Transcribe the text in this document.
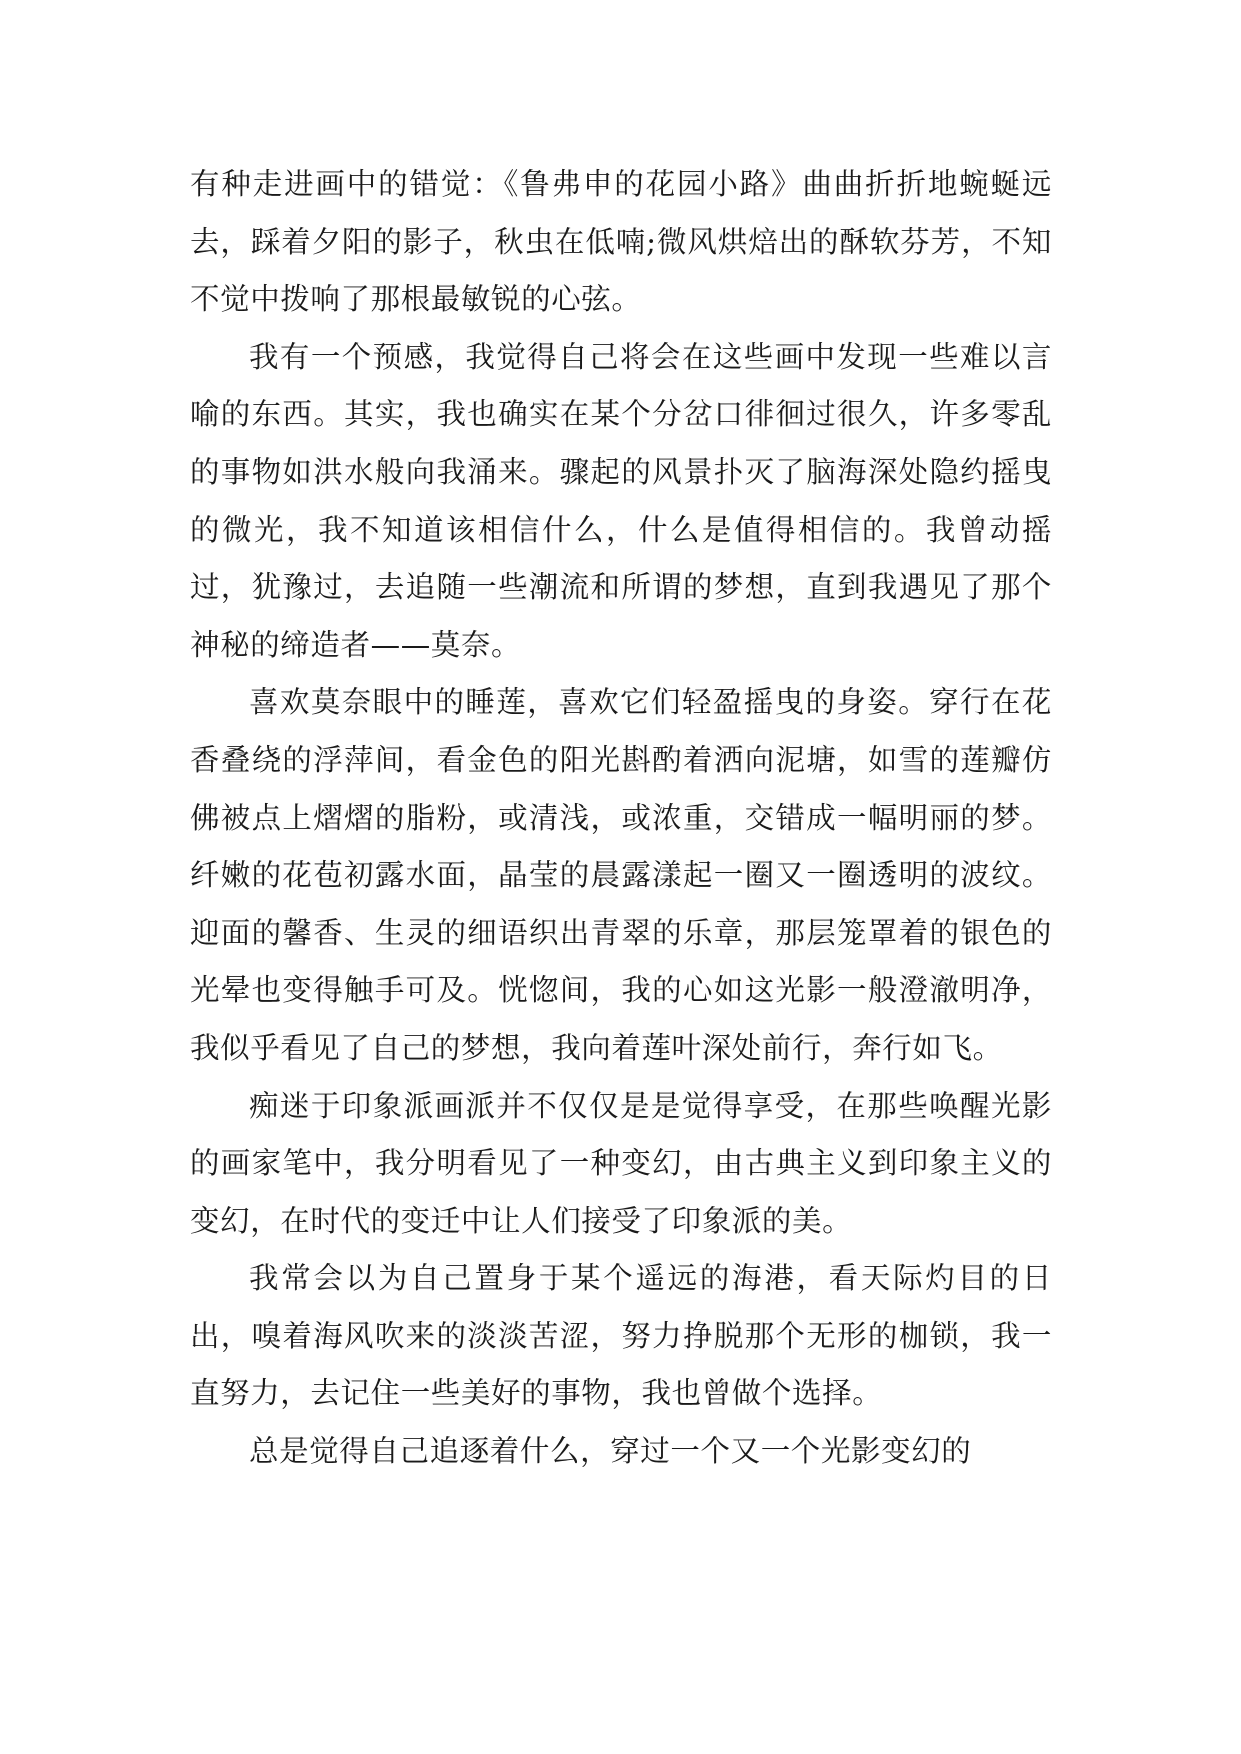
有种走进画中的错觉：《鲁弗申的花园小路》曲曲折折地蜿蜒远去，踩着夕阳的影子，秋虫在低喃;微风烘焙出的酥软芬芳，不知不觉中拨响了那根最敏锐的心弦。

我有一个预感，我觉得自己将会在这些画中发现一些难以言喻的东西。其实，我也确实在某个分岔口徘徊过很久，许多零乱的事物如洪水般向我涌来。骤起的风景扑灭了脑海深处隐约摇曳的微光，我不知道该相信什么，什么是值得相信的。我曾动摇过，犹豫过，去追随一些潮流和所谓的梦想，直到我遇见了那个神秘的缔造者——莫奈。

喜欢莫奈眼中的睡莲，喜欢它们轻盈摇曳的身姿。穿行在花香叠绕的浮萍间，看金色的阳光斟酌着洒向泥塘，如雪的莲瓣仿佛被点上熠熠的脂粉，或清浅，或浓重，交错成一幅明丽的梦。纤嫩的花苞初露水面，晶莹的晨露漾起一圈又一圈透明的波纹。迎面的馨香、生灵的细语织出青翠的乐章，那层笼罩着的银色的光晕也变得触手可及。恍惚间，我的心如这光影一般澄澈明净，我似乎看见了自己的梦想，我向着莲叶深处前行，奔行如飞。

痴迷于印象派画派并不仅仅是是觉得享受，在那些唤醒光影的画家笔中，我分明看见了一种变幻，由古典主义到印象主义的变幻，在时代的变迁中让人们接受了印象派的美。

我常会以为自己置身于某个遥远的海港，看天际灼目的日出，嗅着海风吹来的淡淡苦涩，努力挣脱那个无形的枷锁，我一直努力，去记住一些美好的事物，我也曾做个选择。

总是觉得自己追逐着什么，穿过一个又一个光影变幻的
